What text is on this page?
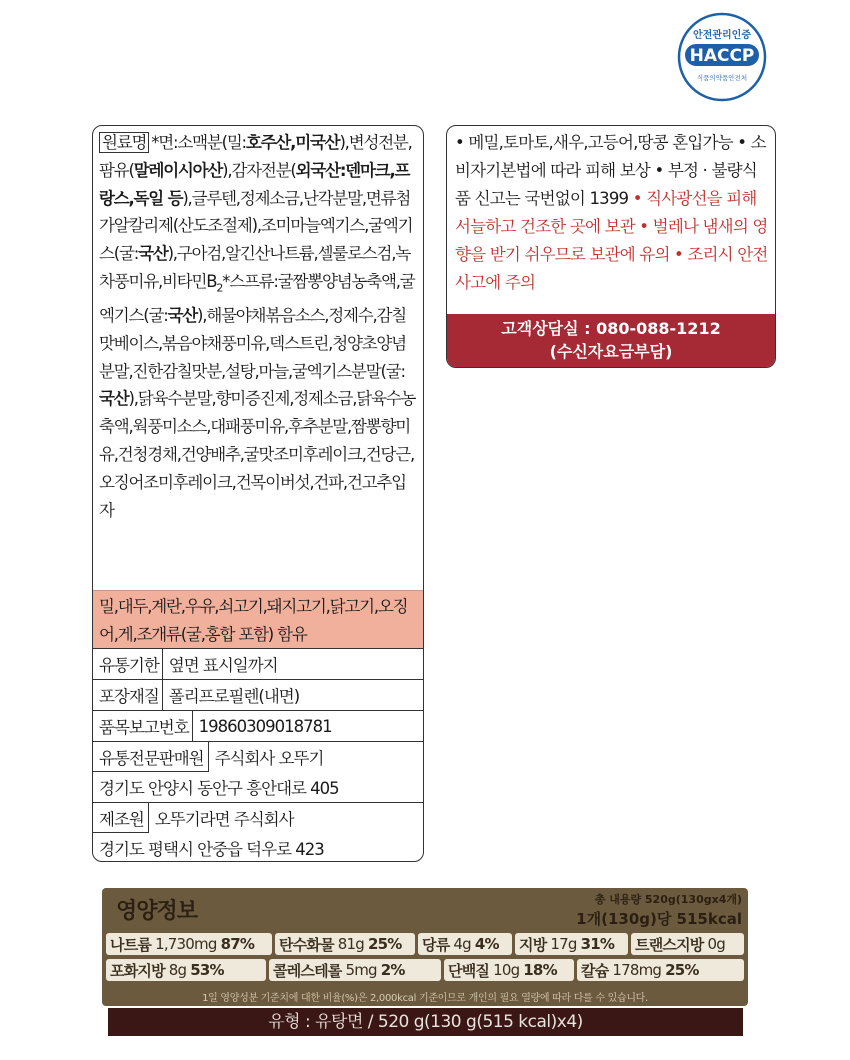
안전관리인증
HACCP
식품의약품안전처
원료명 *면:소맥분(밀:호주산,미국산),변성전분,팜유(말레이시아산),감자전분(외국산:덴마크,프랑스,독일 등),글루텐,정제소금,난각분말,면류첨가알칼리제(산도조절제),조미마늘엑기스,굴엑기스(굴:국산),구아검,알긴산나트륨,셀룰로스검,녹차풍미유,비타민$B_2*$스프류:굴짬뽕양념농축액,굴엑기스(굴:국산),해물야채볶음소스,정제수,감칠맛베이스,볶음야채풍미유,덱스트린,청양초양념분말,진한감칠맛분,설탕,마늘,굴엑기스분말(굴:국산),닭육수분말,향미증진제,정제소금,닭육수농축액,웍풍미소스,대패풍미유,후추분말,짬뽕향미유,건청경채,건양배추,굴맛조미후레이크,건당근,오징어조미후레이크,건목이버섯,건파,건고추입자
밀,대두,계란,우유,쇠고기,돼지고기,닭고기,오징어,게,조개류(굴,홍합 포함) 함유
유통기한 옆면 표시일까지
포장재질 폴리프로필렌(내면)
품목보고번호 19860309018781
유통전문판매원 주식회사 오뚜기
경기도 안양시 동안구 흥안대로 405
제조원 오뚜기라면 주식회사
경기도 평택시 안중읍 덕우로 423
• 메밀,토마토,새우,고등어,땅콩 혼입가능 • 소비자기본법에 따라 피해 보상 • 부정 · 불량식품 신고는 국번없이 1399 • 직사광선을 피해 서늘하고 건조한 곳에 보관 • 벌레나 냄새의 영향을 받기 쉬우므로 보관에 유의 • 조리시 안전사고에 주의
고객상담실 : 080-088-1212
(수신자요금부담)
영양정보	총 내용량 520g(130gx4개)
1개(130g)당 515kcal
나트륨 1,730mg 87% 탄수화물 81g 25% 당류 4g 4% 지방 17g 31% 트랜스지방 0g
포화지방 8g 53%	콜레스테롤 5mg 2%	단백질 10g 18% 칼슘 178mg 25%
1일 영양성분 기준치에 대한 비율(%)은 2,000kcal 기준이므로 개인의 필요 열량에 따라 다를 수 있습니다.
유형 : 유탕면 / 520 g(130 g(515 kcal)x4)
